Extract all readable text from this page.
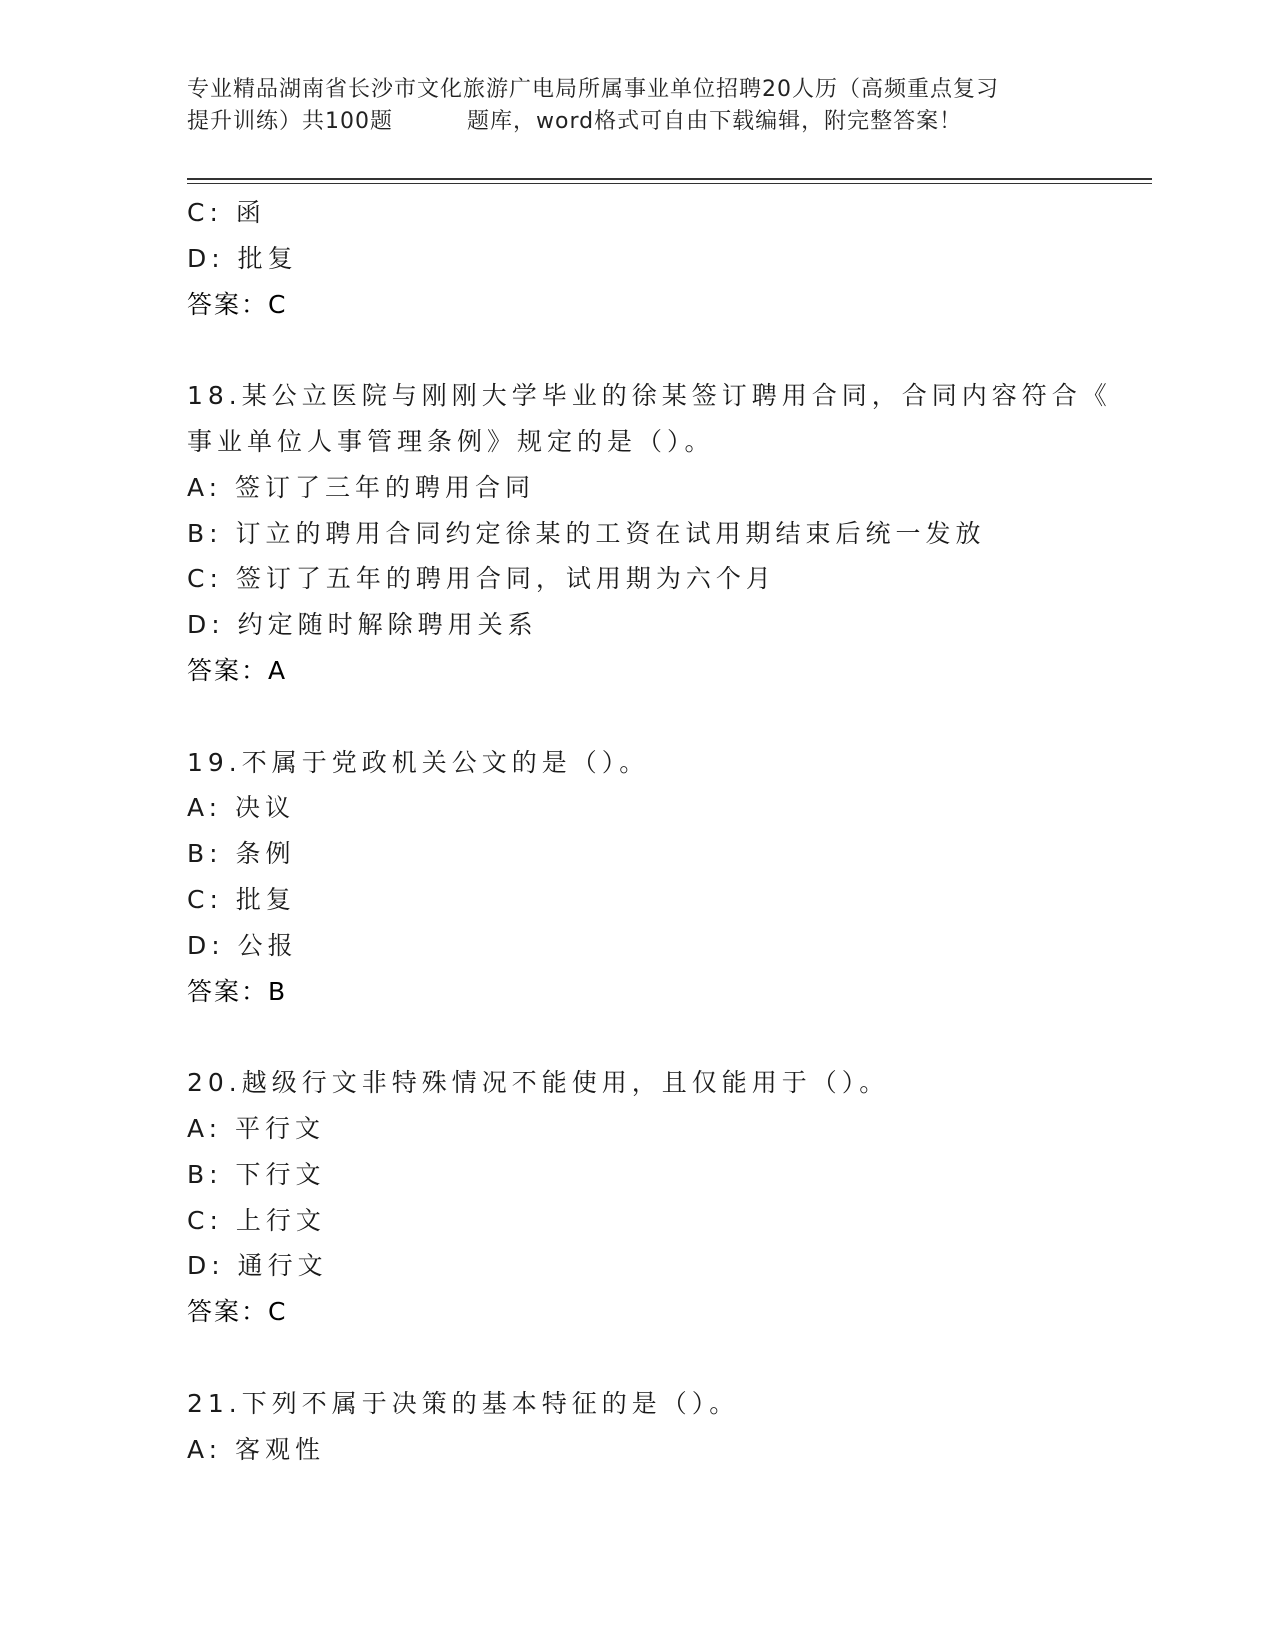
专业精品湖南省长沙市文化旅游广电局所属事业单位招聘20人历（高频重点复习
提升训练）共100题	题库，word格式可自由下载编辑，附完整答案！
C: 函
D: 批复
答案：C
18.某公立医院与刚刚大学毕业的徐某签订聘用合同，合同内容符合《
事业单位人事管理条例》规定的是（）。
A: 签订了三年的聘用合同
B: 订立的聘用合同约定徐某的工资在试用期结束后统一发放
C: 签订了五年的聘用合同，试用期为六个月
D: 约定随时解除聘用关系
答案：A
19.不属于党政机关公文的是（）。
A: 决议
B: 条例
C: 批复
D: 公报
答案：B
20.越级行文非特殊情况不能使用，且仅能用于（）。
A: 平行文
B: 下行文
C: 上行文
D: 通行文
答案：C
21.下列不属于决策的基本特征的是（）。
A: 客观性
